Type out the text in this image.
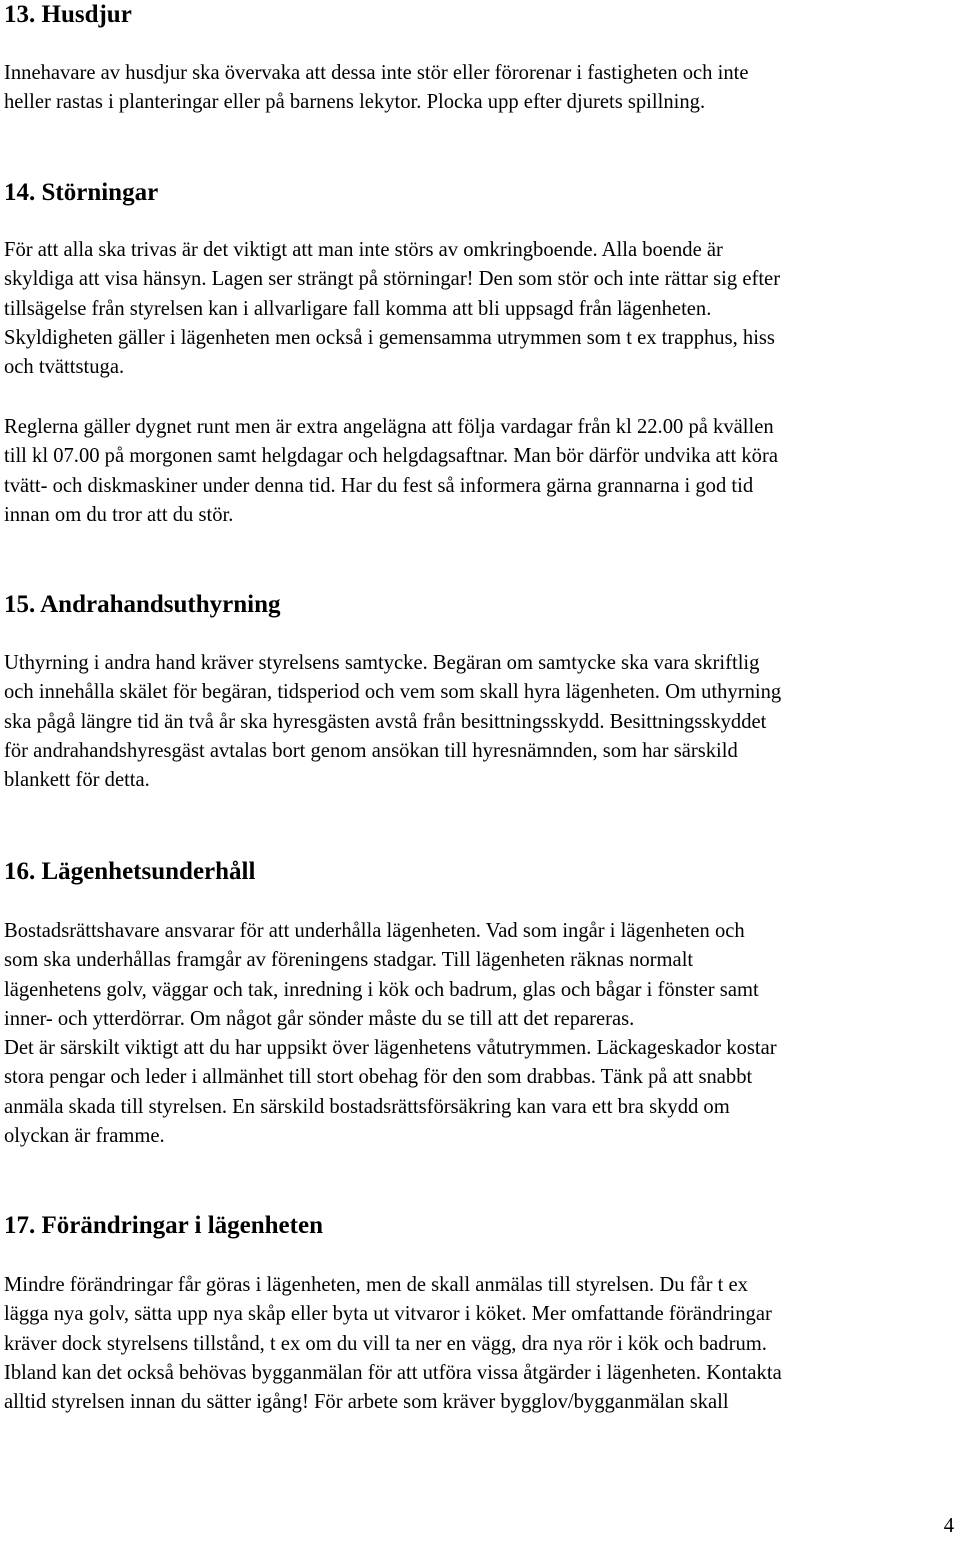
13. Husdjur

Innehavare av husdjur ska övervaka att dessa inte stör eller förorenar i fastigheten och inte
heller rastas i planteringar eller på barnens lekytor. Plocka upp efter djurets spillning.

14. Störningar

För att alla ska trivas är det viktigt att man inte störs av omkringboende. Alla boende är
skyldiga att visa hänsyn. Lagen ser strängt på störningar! Den som stör och inte rättar sig efter
tillsägelse från styrelsen kan i allvarligare fall komma att bli uppsagd från lägenheten.
Skyldigheten gäller i lägenheten men också i gemensamma utrymmen som t ex trapphus, hiss
och tvättstuga.

Reglerna gäller dygnet runt men är extra angelägna att följa vardagar från kl 22.00 på kvällen
till kl 07.00 på morgonen samt helgdagar och helgdagsaftnar. Man bör därför undvika att köra
tvätt- och diskmaskiner under denna tid. Har du fest så informera gärna grannarna i god tid
innan om du tror att du stör.

15. Andrahandsuthyrning

Uthyrning i andra hand kräver styrelsens samtycke. Begäran om samtycke ska vara skriftlig
och innehålla skälet för begäran, tidsperiod och vem som skall hyra lägenheten. Om uthyrning
ska pågå längre tid än två år ska hyresgästen avstå från besittningsskydd. Besittningsskyddet
för andrahandshyresgäst avtalas bort genom ansökan till hyresnämnden, som har särskild
blankett för detta.

16. Lägenhetsunderhåll

Bostadsrättshavare ansvarar för att underhålla lägenheten. Vad som ingår i lägenheten och
som ska underhållas framgår av föreningens stadgar. Till lägenheten räknas normalt
lägenhetens golv, väggar och tak, inredning i kök och badrum, glas och bågar i fönster samt
inner- och ytterdörrar. Om något går sönder måste du se till att det repareras.
Det är särskilt viktigt att du har uppsikt över lägenhetens våtutrymmen. Läckageskador kostar
stora pengar och leder i allmänhet till stort obehag för den som drabbas. Tänk på att snabbt
anmäla skada till styrelsen. En särskild bostadsrättsförsäkring kan vara ett bra skydd om
olyckan är framme.

17. Förändringar i lägenheten

Mindre förändringar får göras i lägenheten, men de skall anmälas till styrelsen. Du får t ex
lägga nya golv, sätta upp nya skåp eller byta ut vitvaror i köket. Mer omfattande förändringar
kräver dock styrelsens tillstånd, t ex om du vill ta ner en vägg, dra nya rör i kök och badrum.
Ibland kan det också behövas bygganmälan för att utföra vissa åtgärder i lägenheten. Kontakta
alltid styrelsen innan du sätter igång! För arbete som kräver bygglov/bygganmälan skall

4
